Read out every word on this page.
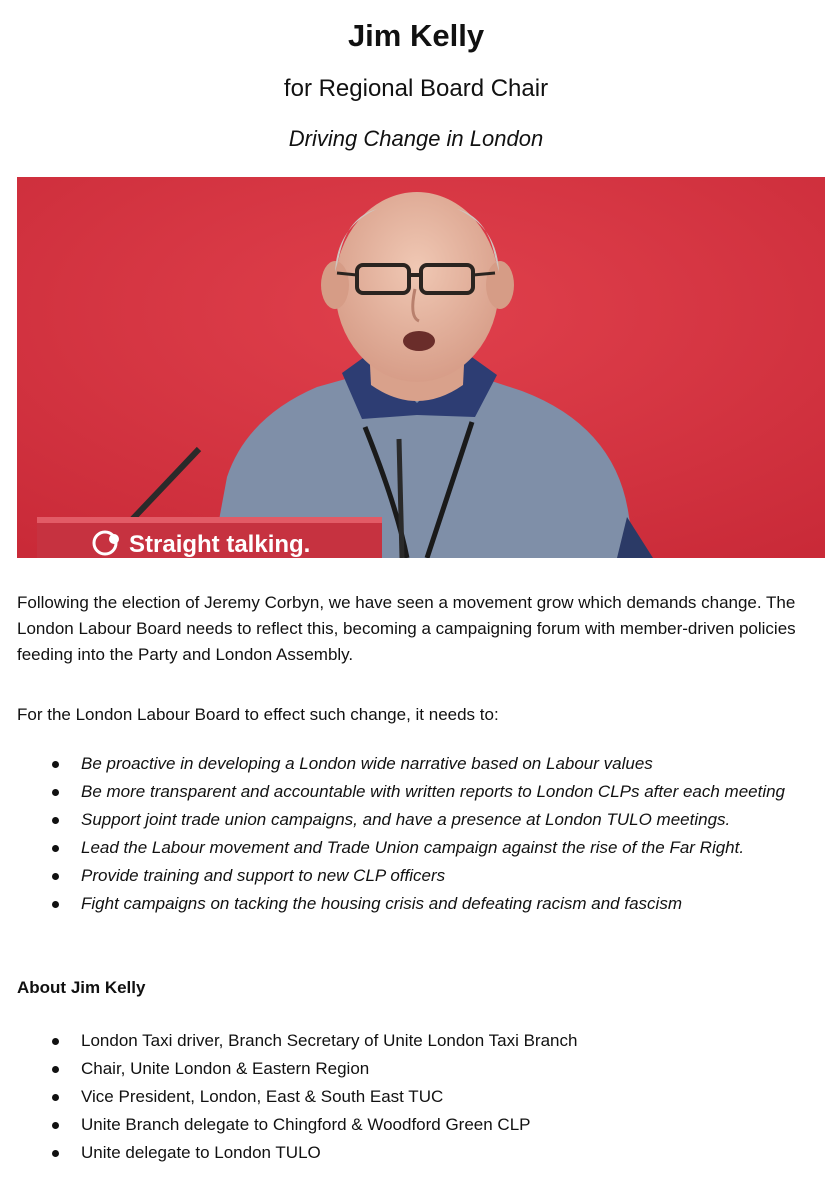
Jim Kelly
for Regional Board Chair
Driving Change in London
Straight talking.

Following the election of Jeremy Corbyn, we have seen a movement grow which demands change. The London Labour Board needs to reflect this, becoming a campaigning forum with member-driven policies feeding into the Party and London Assembly.

For the London Labour Board to effect such change, it needs to:

Be proactive in developing a London wide narrative based on Labour values
Be more transparent and accountable with written reports to London CLPs after each meeting
Support joint trade union campaigns, and have a presence at London TULO meetings.
Lead the Labour movement and Trade Union campaign against the rise of the Far Right.
Provide training and support to new CLP officers
Fight campaigns on tacking the housing crisis and defeating racism and fascism
About Jim Kelly
London Taxi driver, Branch Secretary of Unite London Taxi Branch
Chair, Unite London & Eastern Region
Vice President, London, East & South East TUC
Unite Branch delegate to Chingford & Woodford Green CLP
Unite delegate to London TULO
